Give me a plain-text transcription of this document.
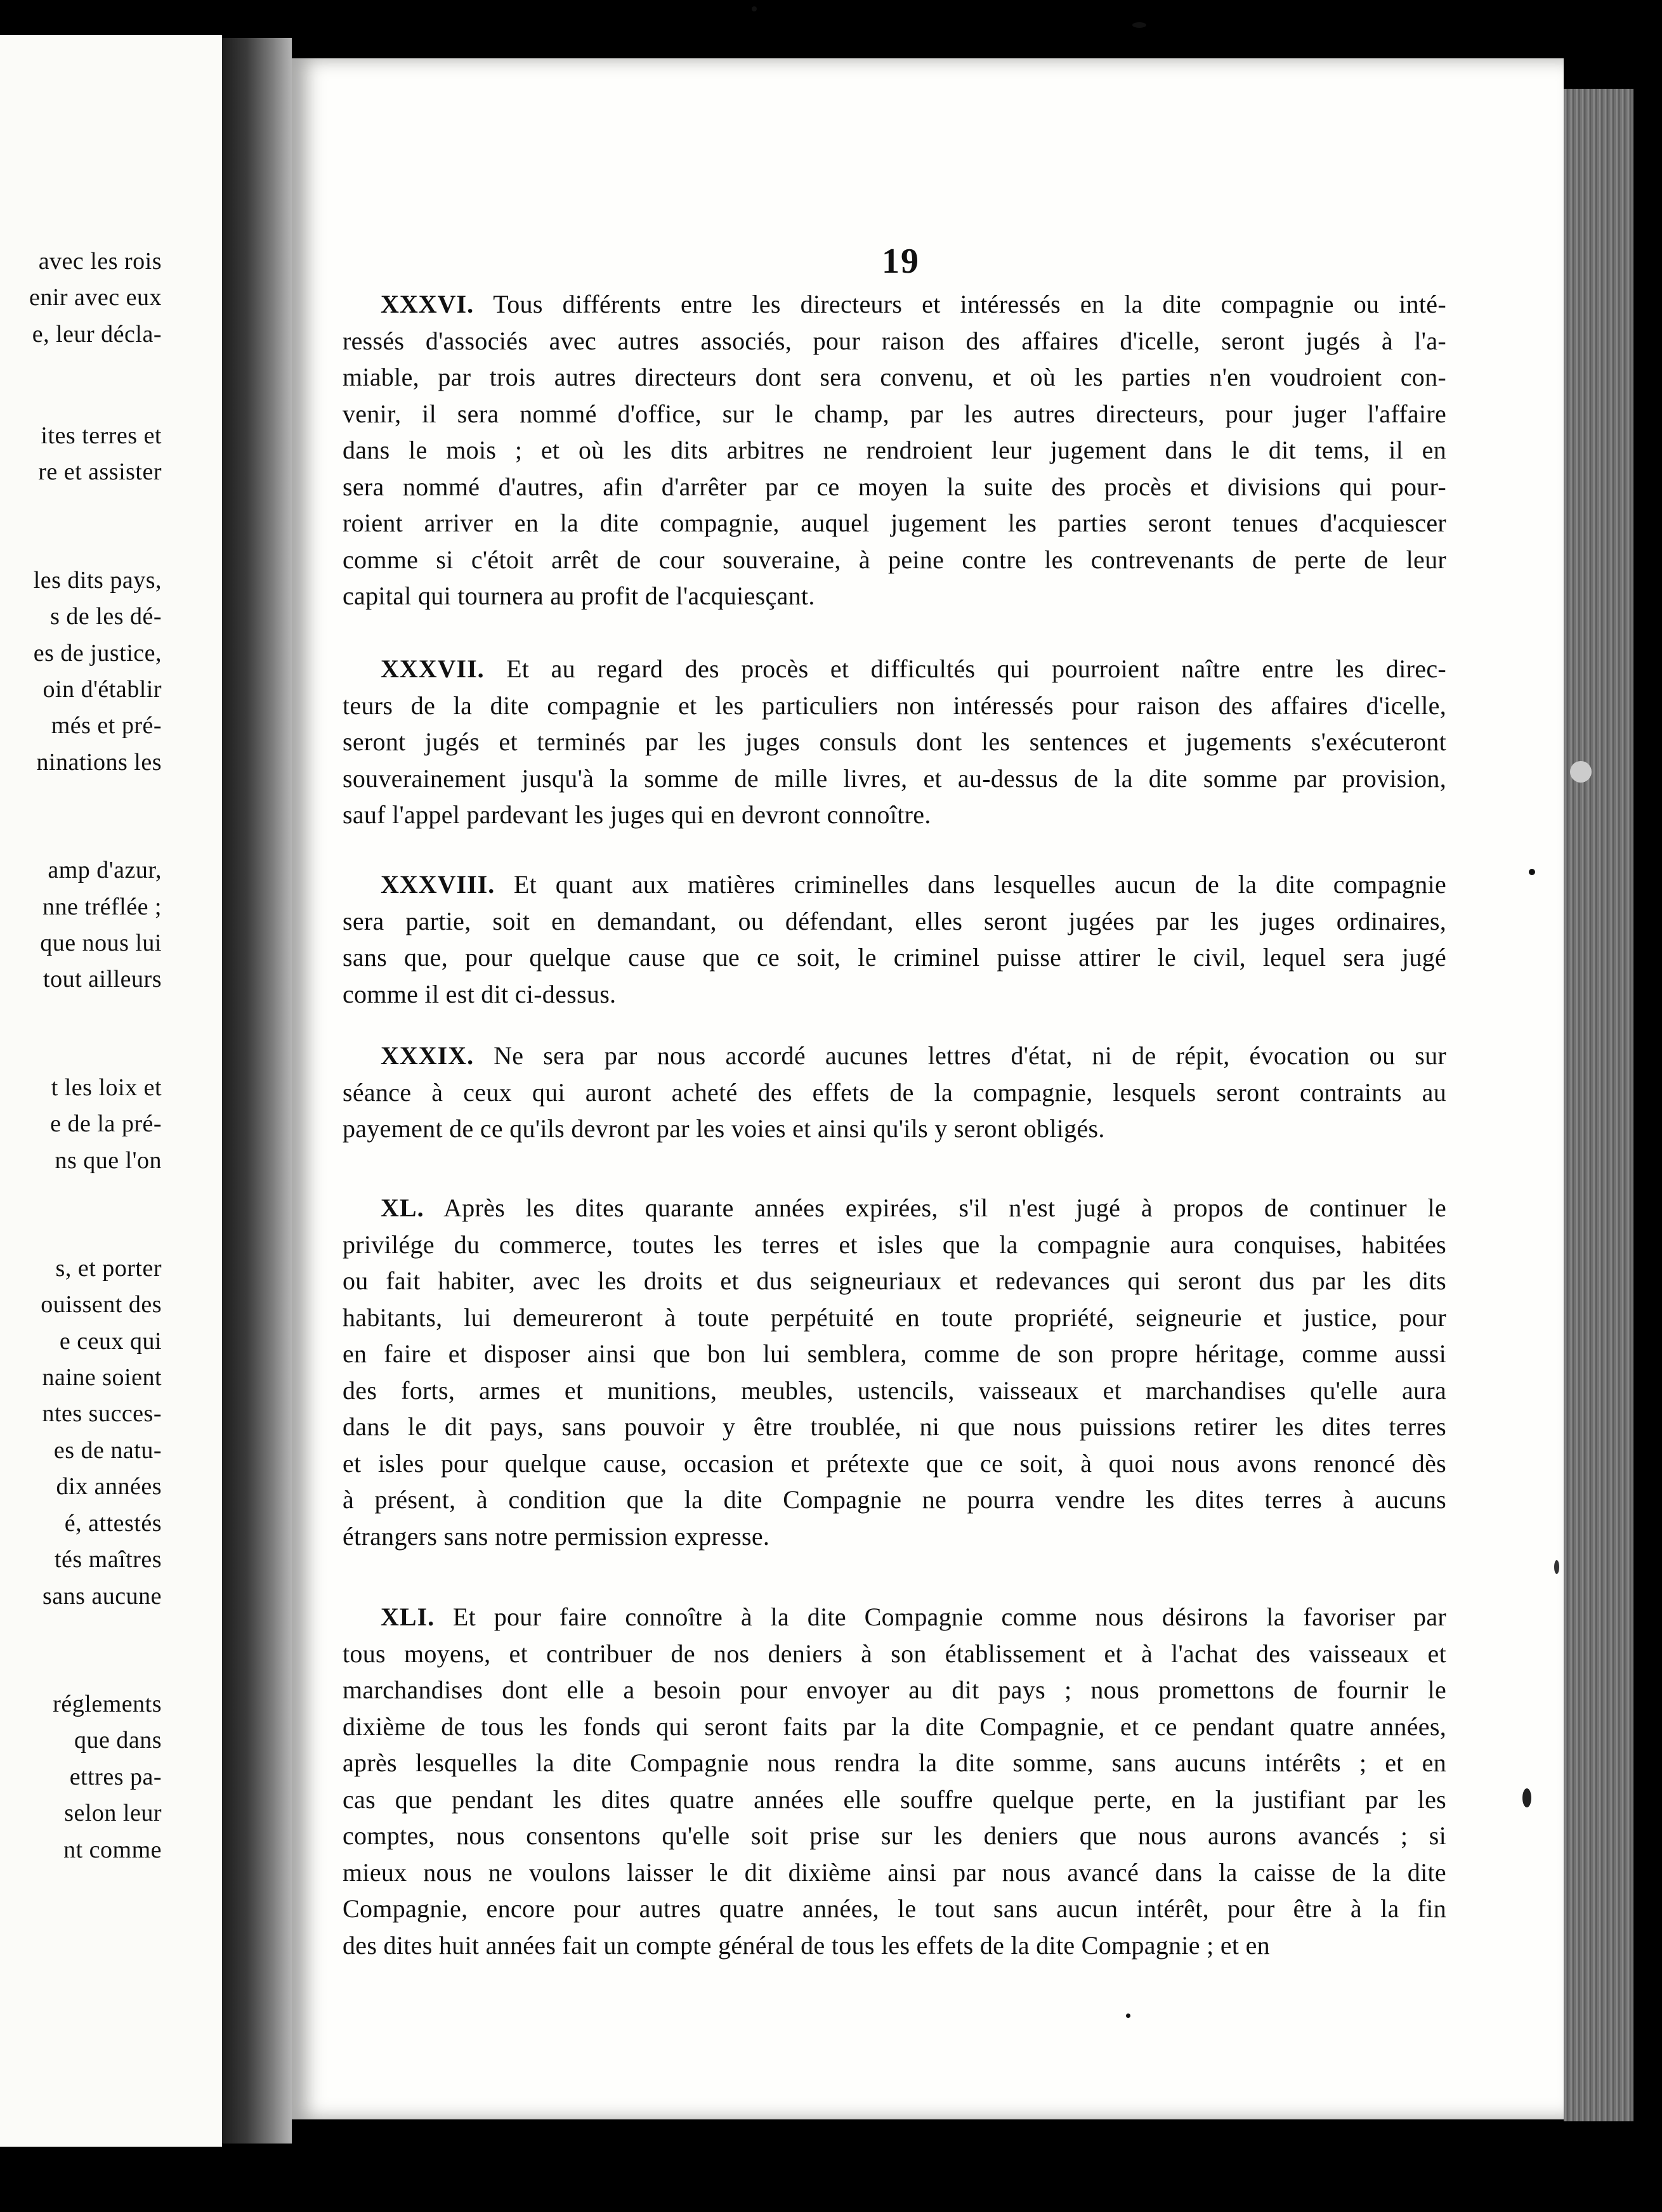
avec les rois
enir avec eux
e, leur décla-
ites terres et
re et assister
les dits pays,
s de les dé-
es de justice,
oin d'établir
més et pré-
ninations les
amp d'azur,
nne tréflée ;
que nous lui
tout ailleurs
t les loix et
e de la pré-
ns que l'on
s, et porter
ouissent des
e ceux qui
naine soient
ntes succes-
es de natu-
dix années
é, attestés
tés maîtres
sans aucune
réglements
que dans
ettres pa-
selon leur
nt comme
19
XXXVI. Tous différents entre les directeurs et intéressés en la dite compagnie ou inté-
ressés d'associés avec autres associés, pour raison des affaires d'icelle, seront jugés à l'a-
miable, par trois autres directeurs dont sera convenu, et où les parties n'en voudroient con-
venir, il sera nommé d'office, sur le champ, par les autres directeurs, pour juger l'affaire
dans le mois ; et où les dits arbitres ne rendroient leur jugement dans le dit tems, il en
sera nommé d'autres, afin d'arrêter par ce moyen la suite des procès et divisions qui pour-
roient arriver en la dite compagnie, auquel jugement les parties seront tenues d'acquiescer
comme si c'étoit arrêt de cour souveraine, à peine contre les contrevenants de perte de leur
capital qui tournera au profit de l'acquiesçant.
XXXVII. Et au regard des procès et difficultés qui pourroient naître entre les direc-
teurs de la dite compagnie et les particuliers non intéressés pour raison des affaires d'icelle,
seront jugés et terminés par les juges consuls dont les sentences et jugements s'exécuteront
souverainement jusqu'à la somme de mille livres, et au-dessus de la dite somme par provision,
sauf l'appel pardevant les juges qui en devront connoître.
XXXVIII. Et quant aux matières criminelles dans lesquelles aucun de la dite compagnie
sera partie, soit en demandant, ou défendant, elles seront jugées par les juges ordinaires,
sans que, pour quelque cause que ce soit, le criminel puisse attirer le civil, lequel sera jugé
comme il est dit ci-dessus.
XXXIX. Ne sera par nous accordé aucunes lettres d'état, ni de répit, évocation ou sur
séance à ceux qui auront acheté des effets de la compagnie, lesquels seront contraints au
payement de ce qu'ils devront par les voies et ainsi qu'ils y seront obligés.
XL. Après les dites quarante années expirées, s'il n'est jugé à propos de continuer le
privilége du commerce, toutes les terres et isles que la compagnie aura conquises, habitées
ou fait habiter, avec les droits et dus seigneuriaux et redevances qui seront dus par les dits
habitants, lui demeureront à toute perpétuité en toute propriété, seigneurie et justice, pour
en faire et disposer ainsi que bon lui semblera, comme de son propre héritage, comme aussi
des forts, armes et munitions, meubles, ustencils, vaisseaux et marchandises qu'elle aura
dans le dit pays, sans pouvoir y être troublée, ni que nous puissions retirer les dites terres
et isles pour quelque cause, occasion et prétexte que ce soit, à quoi nous avons renoncé dès
à présent, à condition que la dite Compagnie ne pourra vendre les dites terres à aucuns
étrangers sans notre permission expresse.
XLI. Et pour faire connoître à la dite Compagnie comme nous désirons la favoriser par
tous moyens, et contribuer de nos deniers à son établissement et à l'achat des vaisseaux et
marchandises dont elle a besoin pour envoyer au dit pays ; nous promettons de fournir le
dixième de tous les fonds qui seront faits par la dite Compagnie, et ce pendant quatre années,
après lesquelles la dite Compagnie nous rendra la dite somme, sans aucuns intérêts ; et en
cas que pendant les dites quatre années elle souffre quelque perte, en la justifiant par les
comptes, nous consentons qu'elle soit prise sur les deniers que nous aurons avancés ; si
mieux nous ne voulons laisser le dit dixième ainsi par nous avancé dans la caisse de la dite
Compagnie, encore pour autres quatre années, le tout sans aucun intérêt, pour être à la fin
des dites huit années fait un compte général de tous les effets de la dite Compagnie ; et en
